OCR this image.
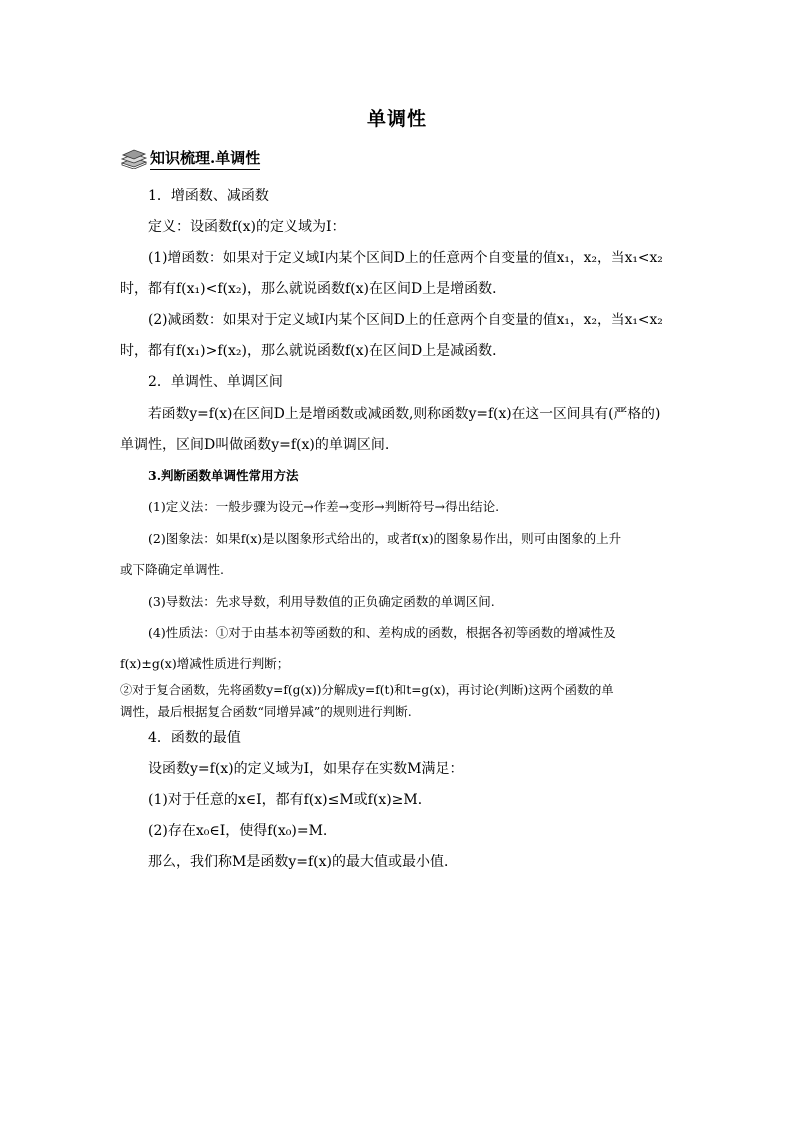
单调性
知识梳理.单调性
1．增函数、减函数
定义：设函数f(x)的定义域为I：
(1)增函数：如果对于定义域I内某个区间D上的任意两个自变量的值x₁，x₂，当x₁<x₂
时，都有f(x₁)<f(x₂)，那么就说函数f(x)在区间D上是增函数．
(2)减函数：如果对于定义域I内某个区间D上的任意两个自变量的值x₁，x₂，当x₁<x₂
时，都有f(x₁)>f(x₂)，那么就说函数f(x)在区间D上是减函数．
2．单调性、单调区间
若函数y=f(x)在区间D上是增函数或减函数,则称函数y=f(x)在这一区间具有(严格的)
单调性，区间D叫做函数y=f(x)的单调区间.
3.判断函数单调性常用方法
(1)定义法：一般步骤为设元→作差→变形→判断符号→得出结论.
(2)图象法：如果f(x)是以图象形式给出的，或者f(x)的图象易作出，则可由图象的上升
或下降确定单调性.
(3)导数法：先求导数，利用导数值的正负确定函数的单调区间.
(4)性质法：①对于由基本初等函数的和、差构成的函数，根据各初等函数的增减性及
f(x)±g(x)增减性质进行判断；
②对于复合函数，先将函数y=f(g(x))分解成y=f(t)和t=g(x)，再讨论(判断)这两个函数的单
调性，最后根据复合函数“同增异减”的规则进行判断.
4．函数的最值
设函数y=f(x)的定义域为I，如果存在实数M满足：
(1)对于任意的x∈I，都有f(x)≤M或f(x)≥M．
(2)存在x₀∈I，使得f(x₀)=M.
那么，我们称M是函数y=f(x)的最大值或最小值．
